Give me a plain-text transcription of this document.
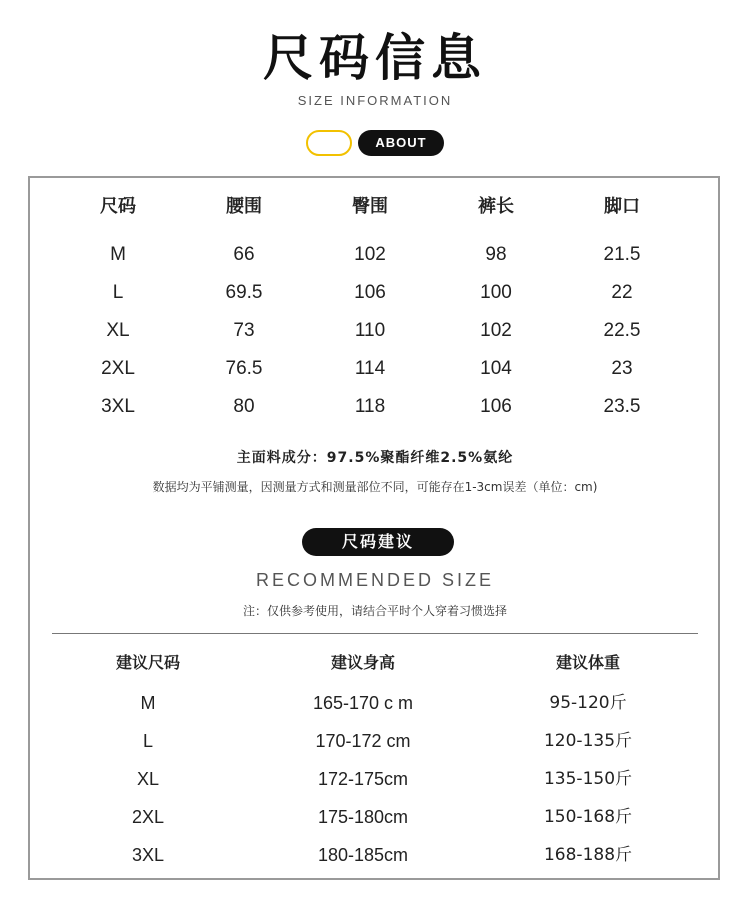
尺码信息
SIZE INFORMATION
ABOUT
尺码	腰围	臀围	裤长	脚口
M	66	102	98	21.5
L	69.5	106	100	22
XL	73	110	102	22.5
2XL	76.5	114	104	23
3XL	80	118	106	23.5
主面料成分：97.5%聚酯纤维2.5%氨纶
数据均为平铺测量，因测量方式和测量部位不同，可能存在1-3cm误差（单位：cm)
尺码建议
RECOMMENDED SIZE
注：仅供参考使用，请结合平时个人穿着习惯选择
建议尺码	建议身高	建议体重
M	165-170 c m	95-120斤
L	170-172 cm	120-135斤
XL	172-175cm	135-150斤
2XL	175-180cm	150-168斤
3XL	180-185cm	168-188斤
